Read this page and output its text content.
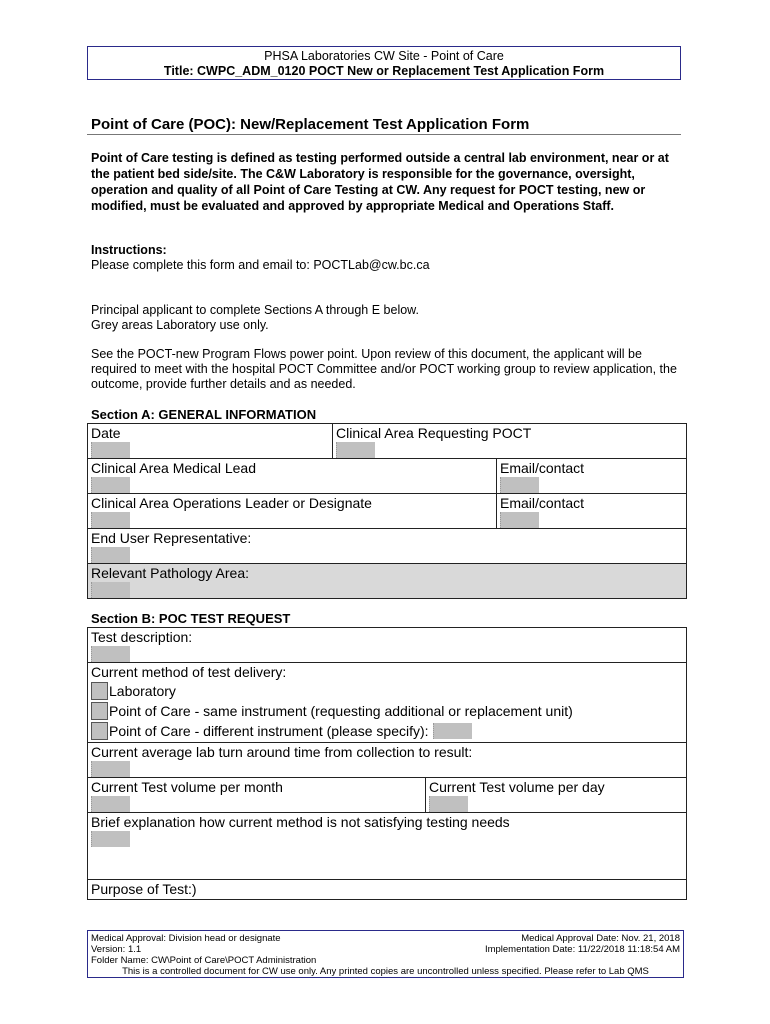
PHSA Laboratories CW Site - Point of Care
Title: CWPC_ADM_0120 POCT New or Replacement Test Application Form
Point of Care (POC): New/Replacement Test Application Form
Point of Care testing is defined as testing performed outside a central lab environment, near or at the patient bed side/site. The C&W Laboratory is responsible for the governance, oversight, operation and quality of all Point of Care Testing at CW. Any request for POCT testing, new or modified, must be evaluated and approved by appropriate Medical and Operations Staff.
Instructions:
Please complete this form and email to: POCTLab@cw.bc.ca
Principal applicant to complete Sections A through E below.
Grey areas Laboratory use only.
See the POCT-new Program Flows power point. Upon review of this document, the applicant will be required to meet with the hospital POCT Committee and/or POCT working group to review application, the outcome, provide further details and as needed.
Section A: GENERAL INFORMATION
Date	Clinical Area Requesting POCT	

Clinical Area Medical Lead		Email/contact

Clinical Area Operations Leader or Designate		Email/contact

End User Representative:		

Relevant Pathology Area:		
Section B: POC TEST REQUEST
Test description:

Current method of test delivery:
Laboratory
Point of Care - same instrument (requesting additional or replacement unit)
Point of Care - different instrument (please specify):

Current average lab turn around time from collection to result:

Current Test volume per month	Current Test volume per day

Brief explanation how current method is not satisfying testing needs

Purpose of Test:)
Medical Approval: Division head or designate	Medical Approval Date: Nov. 21, 2018
Version: 1.1	Implementation Date: 11/22/2018 11:18:54 AM
Folder Name: CW\Point of Care\POCT Administration
This is a controlled document for CW use only. Any printed copies are uncontrolled unless specified. Please refer to Lab QMS
